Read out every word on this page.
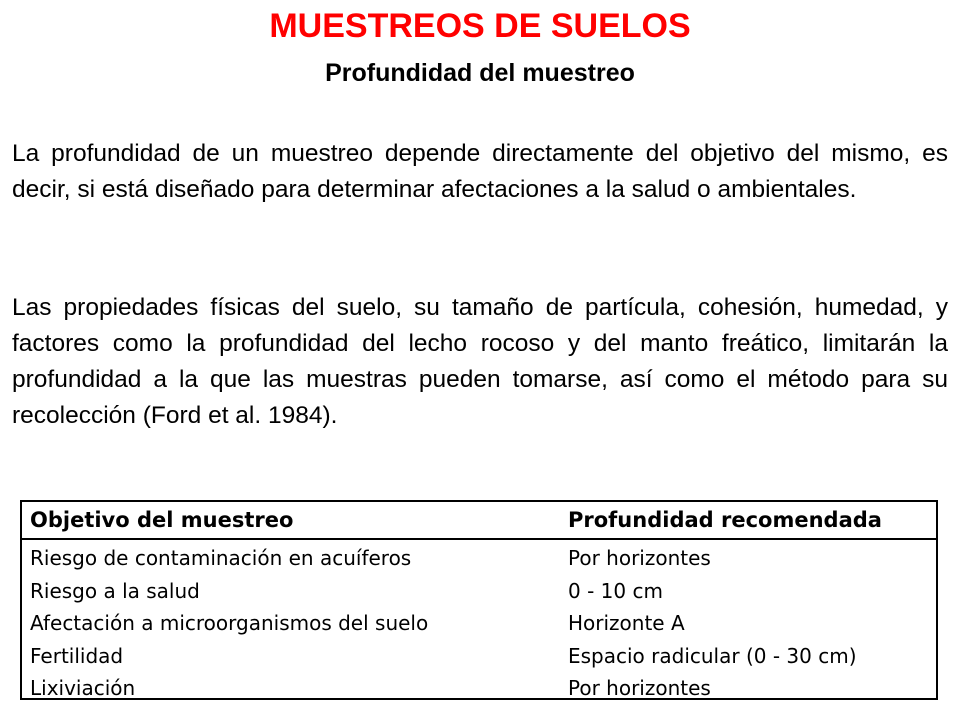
MUESTREOS DE SUELOS
Profundidad del muestreo

La profundidad de un muestreo depende directamente del objetivo del mismo, es decir, si está diseñado para determinar afectaciones a la salud o ambientales.

Las propiedades físicas del suelo, su tamaño de partícula, cohesión, humedad, y factores como la profundidad del lecho rocoso y del manto freático, limitarán la profundidad a la que las muestras pueden tomarse, así como el método para su recolección (Ford et al. 1984).

Objetivo del muestreo	Profundidad recomendada
Riesgo de contaminación en acuíferos	Por horizontes
Riesgo a la salud	0 - 10 cm
Afectación a microorganismos del suelo	Horizonte A
Fertilidad	Espacio radicular (0 - 30 cm)
Lixiviación	Por horizontes
